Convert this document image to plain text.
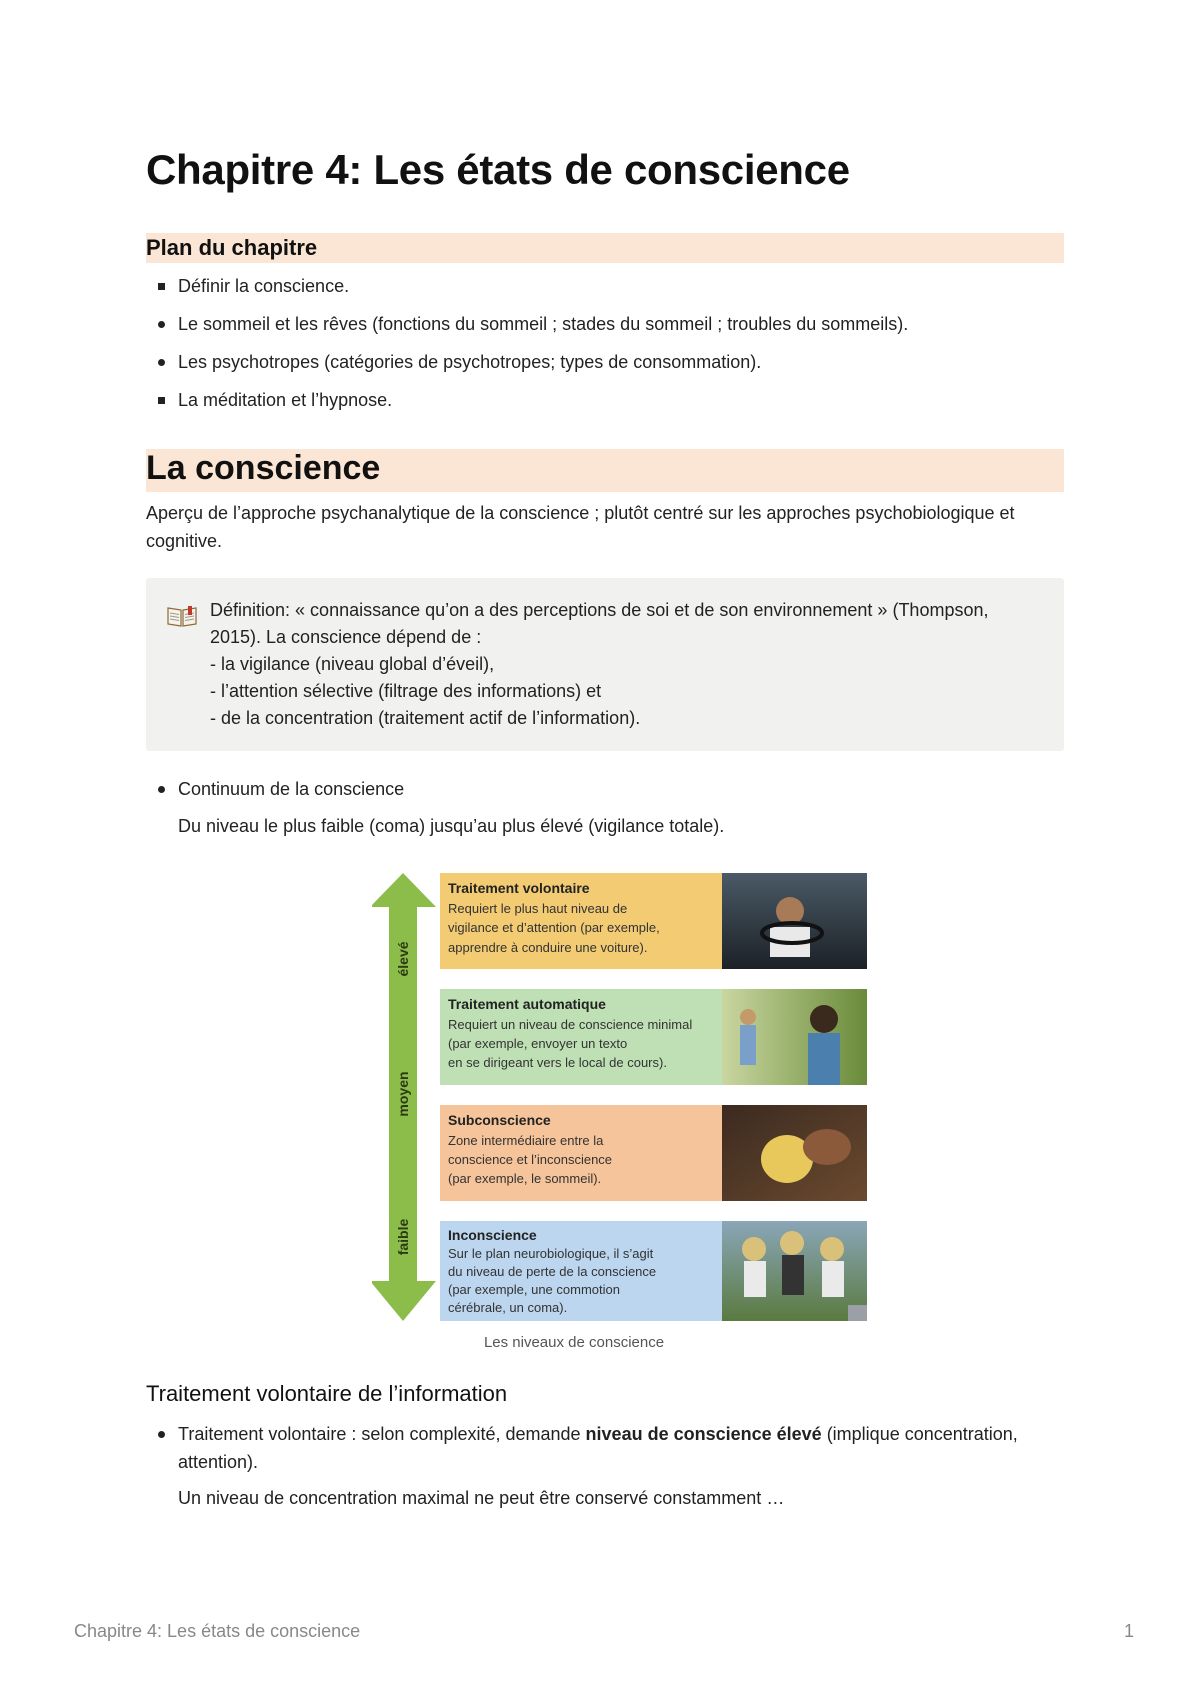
Chapitre 4: Les états de conscience
Plan du chapitre
Définir la conscience.
Le sommeil et les rêves (fonctions du sommeil ; stades du sommeil ; troubles du sommeils).
Les psychotropes (catégories de psychotropes; types de consommation).
La méditation et l’hypnose.
La conscience

Aperçu de l’approche psychanalytique de la conscience ; plutôt centré sur les approches psychobiologique et cognitive.

Définition: « connaissance qu’on a des perceptions de soi et de son environnement » (Thompson,
2015). La conscience dépend de :
- la vigilance (niveau global d’éveil),
- l’attention sélective (filtrage des informations) et
- de la concentration (traitement actif de l’information).
Continuum de la conscience
Du niveau le plus faible (coma) jusqu’au plus élevé (vigilance totale).
élevé
moyen
faible
Traitement volontaire
Requiert le plus haut niveau de
vigilance et d’attention (par exemple,
apprendre à conduire une voiture).
Traitement automatique
Requiert un niveau de conscience minimal
(par exemple, envoyer un texto
en se dirigeant vers le local de cours).
Subconscience
Zone intermédiaire entre la
conscience et l’inconscience
(par exemple, le sommeil).
Inconscience
Sur le plan neurobiologique, il s’agit
du niveau de perte de la conscience
(par exemple, une commotion
cérébrale, un coma).
Les niveaux de conscience
Traitement volontaire de l’information
Traitement volontaire : selon complexité, demande niveau de conscience élevé (implique concentration, attention).
Un niveau de concentration maximal ne peut être conservé constamment …
Chapitre 4: Les états de conscience	1
